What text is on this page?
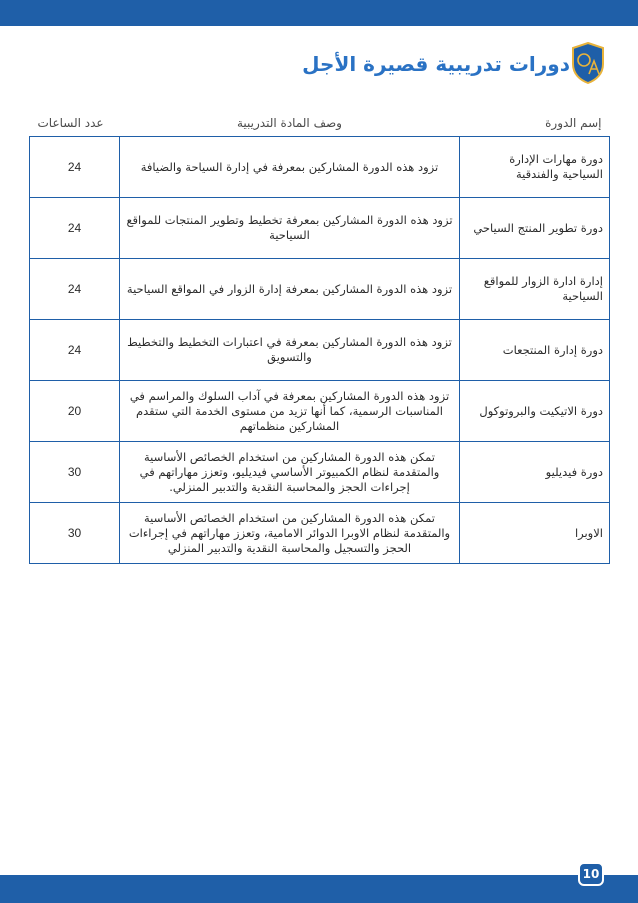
دورات تدريبية قصيرة الأجل
إسم الدورة	وصف المادة التدريبية	عدد الساعات
دورة مهارات الإدارة السياحية والفندقية	تزود هذه الدورة المشاركين بمعرفة في إدارة السياحة والضيافة	24
دورة تطوير المنتج السياحي	تزود هذه الدورة المشاركين بمعرفة تخطيط وتطوير المنتجات للمواقع السياحية	24
إدارة ادارة الزوار للمواقع السياحية	تزود هذه الدورة المشاركين بمعرفة إدارة الزوار في المواقع السياحية	24
دورة إدارة المنتجعات	تزود هذه الدورة المشاركين بمعرفة في اعتبارات التخطيط والتخطيط والتسويق	24
دورة الاتيكيت والبروتوكول	تزود هذه الدورة المشاركين بمعرفة في آداب السلوك والمراسم في المناسبات الرسمية، كما أنها تزيد من مستوى الخدمة التي ستقدم المشاركين منظماتهم	20
دورة فيديليو	تمكن هذه الدورة المشاركين من استخدام الخصائص الأساسية والمتقدمة لنظام الكمبيوتر الأساسي فيديليو، وتعزز مهاراتهم في إجراءات الحجز والمحاسبة النقدية والتدبير المنزلي.	30
الاوبرا	تمكن هذه الدورة المشاركين من استخدام الخصائص الأساسية والمتقدمة لنظام الاوبرا الدوائر الامامية، وتعزز مهاراتهم في إجراءات الحجز والتسجيل والمحاسبة النقدية والتدبير المنزلي	30
10
